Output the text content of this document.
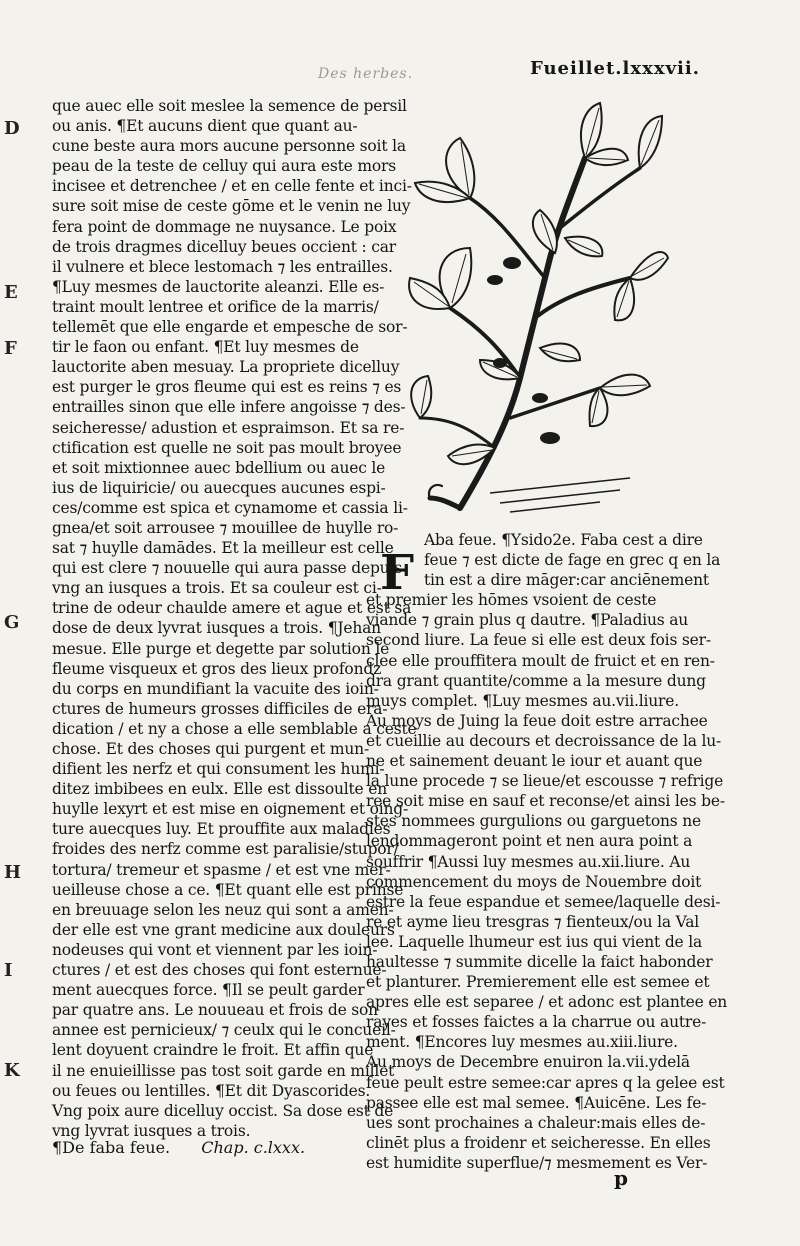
Des herbes.	Fueillet.lxxxvii.
D
E
F
G
H
I
K
que auec elle soit meslee la semence de persil
ou anis. ¶Et aucuns dient que quant au-
cune beste aura mors aucune personne soit la
peau de la teste de celluy qui aura este mors
incisee et detrenchee / et en celle fente et inci-
sure soit mise de ceste gōme et le venin ne luy
fera point de dommage ne nuysance. Le poix
de trois dragmes dicelluy beues occient : car
il vulnere et blece lestomach ⁊ les entrailles.
¶Luy mesmes de lauctorite aleanzi. Elle es-
traint moult lentree et orifice de la marris/
tellemēt que elle engarde et empesche de sor-
tir le faon ou enfant. ¶Et luy mesmes de
lauctorite aben mesuay. La propriete dicelluy
est purger le gros fleume qui est es reins ⁊ es
entrailles sinon que elle infere angoisse ⁊ des-
seicheresse/ adustion et espraimson. Et sa re-
ctification est quelle ne soit pas moult broyee
et soit mixtionnee auec bdellium ou auec le
ius de liquiricie/ ou auecques aucunes espi-
ces/comme est spica et cynamome et cassia li-
gnea/et soit arrousee ⁊ mouillee de huylle ro-
sat ⁊ huylle damādes. Et la meilleur est celle
qui est clere ⁊ nouuelle qui aura passe depuis
vng an iusques a trois. Et sa couleur est ci-
trine de odeur chaulde amere et ague et est sa
dose de deux lyvrat iusques a trois. ¶Jehan
mesue. Elle purge et degette par solution le
fleume visqueux et gros des lieux profondz
du corps en mundifiant la vacuite des ioin-
ctures de humeurs grosses difficiles de era-
dication / et ny a chose a elle semblable a ceste
chose. Et des choses qui purgent et mun-
difient les nerfz et qui consument les humi-
ditez imbibees en eulx. Elle est dissoulte en
huylle lexyrt et est mise en oignement et oing-
ture auecques luy. Et prouffite aux maladies
froides des nerfz comme est paralisie/stupor/
tortura/ tremeur et spasme / et est vne mer-
ueilleuse chose a ce. ¶Et quant elle est prinse
en breuuage selon les neuz qui sont a amen-
der elle est vne grant medicine aux douleurs
nodeuses qui vont et viennent par les ioin-
ctures / et est des choses qui font esternue-
ment auecques force. ¶Il se peult garder
par quatre ans. Le nouueau et frois de son
annee est pernicieux/ ⁊ ceulx qui le concueil-
lent doyuent craindre le froit. Et affin que
il ne enuieillisse pas tost soit garde en millet
ou feues ou lentilles. ¶Et dit Dyascorides.
Vng poix aure dicelluy occist. Sa dose est de
vng lyvrat iusques a trois.
¶De faba feue. Chap. c.lxxx.
F
Aba feue. ¶Ysido2e. Faba cest a dire
feue ⁊ est dicte de fage en grec q en la
tin est a dire māger:car anciēnement
et premier les hōmes vsoient de ceste
viande ⁊ grain plus q dautre. ¶Paladius au
second liure. La feue si elle est deux fois ser-
clee elle prouffitera moult de fruict et en ren-
dra grant quantite/comme a la mesure dung
muys complet. ¶Luy mesmes au.vii.liure.
Au moys de Juing la feue doit estre arrachee
et cueillie au decours et decroissance de la lu-
ne et sainement deuant le iour et auant que
la lune procede ⁊ se lieue/et escousse ⁊ refrige
ree soit mise en sauf et reconse/et ainsi les be-
stes nommees gurgulions ou garguetons ne
lendommageront point et nen aura point a
souffrir ¶Aussi luy mesmes au.xii.liure. Au
commencement du moys de Nouembre doit
estre la feue espandue et semee/laquelle desi-
re et ayme lieu tresgras ⁊ fienteux/ou la Val
lee. Laquelle lhumeur est ius qui vient de la
haultesse ⁊ summite dicelle la faict habonder
et planturer. Premierement elle est semee et
apres elle est separee / et adonc est plantee en
rayes et fosses faictes a la charrue ou autre-
ment. ¶Encores luy mesmes au.xiii.liure.
Au moys de Decembre enuiron la.vii.ydelā
feue peult estre semee:car apres q la gelee est
passee elle est mal semee. ¶Auicēne. Les fe-
ues sont prochaines a chaleur:mais elles de-
clinēt plus a froidenr et seicheresse. En elles
est humidite superflue/⁊ mesmement es Ver-
p
